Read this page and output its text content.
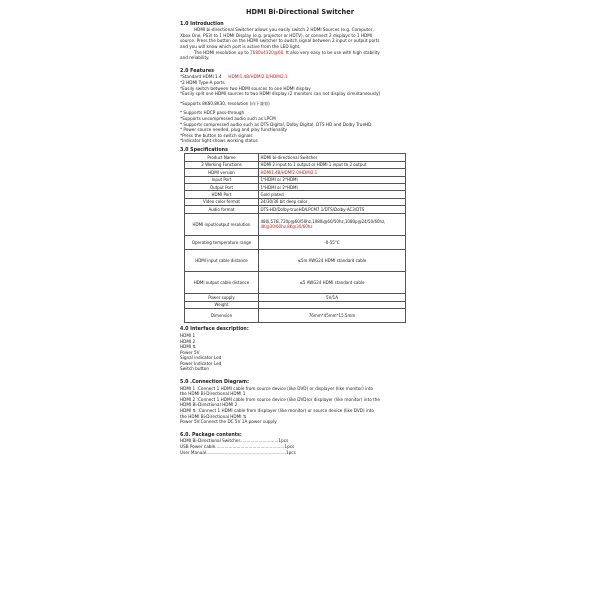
HDMI Bi-Directional Switcher
1.0 Introduction

HDMI bi-directional Switcher allows you easily switch 2 HDMI Sources (e.g. Computer,

Xbox One, PS3) to 1 HDMI Display (e.g. projector or HDTV), or connect 2 displays to 1 HDMI

source. Press the button on the HDMI switcher to switch signal between 2 input or output ports

and you will know which port is active from the LED light.

The HDMI resolution up to 7680x4320@60. It also very easy to be use with high stability

and reliability.

2.0 Features

*Standard HDMI 1.4 HDMI1.4B/HDMI2.0/HDMI2.1

*2 HDMI Type-A ports

*Easily switch between two HDMI sources to one HDMI display

*Easily split one HDMI sources to two HDMI display (2 monitors can not display simultaneously)

*Supports 8K60,8K30, resolution (向下兼容)

* Supports HDCP pass-through

*Supports uncompressed audio such as LPCM

* Supports compressed audio such as DTS Digital, Dolby Digital, DTS HD and Dolby TrueHD

* Power source needed, plug and play functionality

*Press the button to switch signals

*Indicator light shows working status

3.0 Specifications
Product Name	HDMI bi-directional Switcher
2 Working Functions	HDMI 2 input to 1 output or HDMI 1 input to 2 output
HDMI version	HDMI1.4B/HDMI2.0/HDMI2.1
Input Port	1*HDMI or 2*HDMI
Output Port	1*HDMI or 2*HDMI
HDMI Port	Gold plated
Video color format	24/30/36 bit deep color
Audio format	DTS-HD/Dolby-trueHD/LPCM7.1/DTS/Dolby-AC3/DTS
HDMI input/output resolution	480i,576i,720p@60/50hz,1080i@60/50hz,1080p@24/50/60hz,
4K@30/60hz,8K@30/60hz

Operating temperature range	-0-55°C
HDMI input cable distance	≤5m AWG24 HDMI standard cable
HDMI output cable distance	≤5 AWG24 HDMI standard cable
Power supply	5V/1A
Weight	
Dimension	76mm*45mm*15.5mm
4.0 Interface description:
HDMI 1
HDMI 2
HDMI ⇅
Power 5V
Signal indicator Led
Power Indicator Led
Switch button
5.0 .Connection Diagram:

HDMI 1 :Connect 1 HDMI cable from source device (like DVD) or displayer (like monitor) into

the HDMI Bi-Directional HDMI 1

HDMI 2 :Connect 1 HDMI cable from source device (like DVD)or displayer (like monitor) into the

HDMI Bi-Directional HDMI 2

HDMI ⇅ :Connect 1 HDMI cable from displayer (like monitor) or source device (like DVD) into

the HDMI Bi-Directional HDMI ⇅

Power 5V:Connect the DC 5V 1A power supply

6.0. Package contents:

HDMI Bi-Directional Switcher.............................1pcs

USB Power cable....................................................1pcs

User Manual............................................................1pcs
